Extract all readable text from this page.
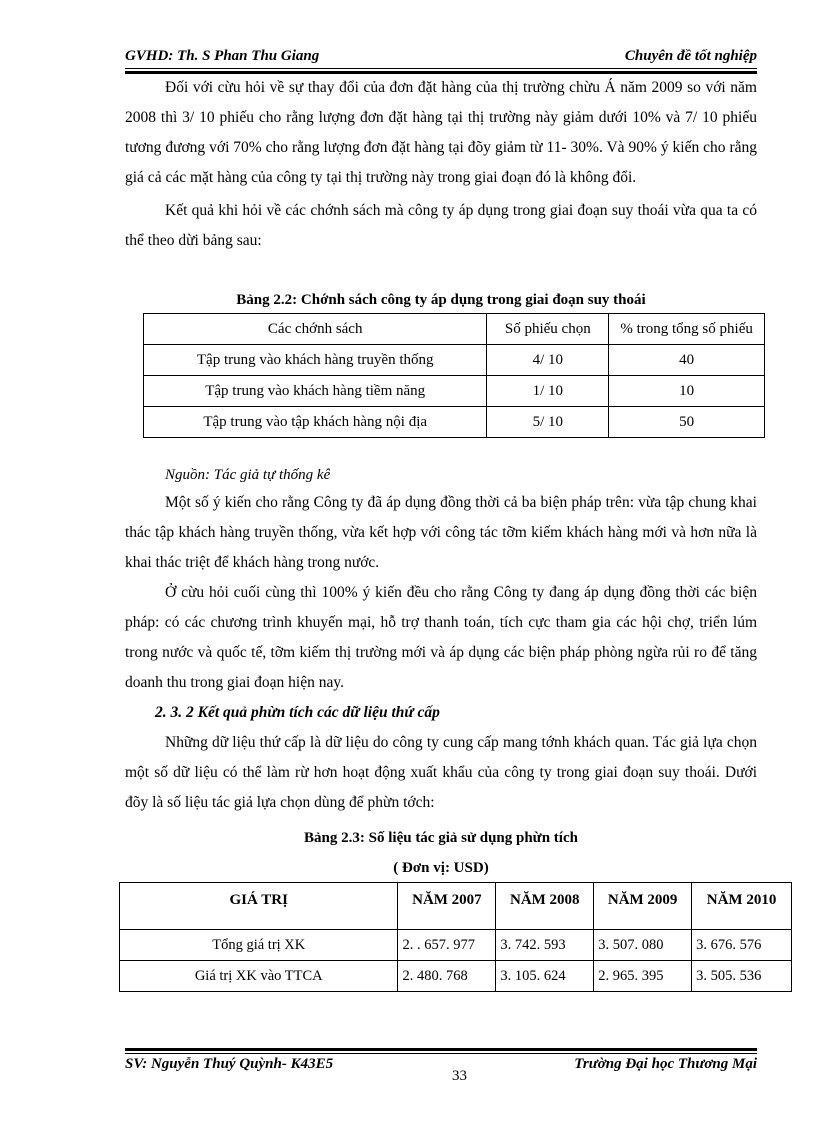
GVHD: Th. S Phan Thu Giang	Chuyên đề tốt nghiệp

Đối với cừu hỏi về sự thay đổi của đơn đặt hàng của thị trường chừu Á năm 2009 so với năm 2008 thì 3/ 10 phiếu cho rằng lượng đơn đặt hàng tại thị trường này giảm dưới 10% và 7/ 10 phiếu tương đương với 70% cho rằng lượng đơn đặt hàng tại đõy giảm từ 11- 30%. Và 90% ý kiến cho rằng giá cả các mặt hàng của công ty tại thị trường này trong giai đoạn đó là không đổi.

Kết quả khi hỏi về các chớnh sách mà công ty áp dụng trong giai đoạn suy thoái vừa qua ta có thể theo dừi bảng sau:

Bảng 2.2: Chớnh sách công ty áp dụng trong giai đoạn suy thoái
Các chớnh sách	Số phiếu chọn	% trong tổng số phiếu
Tập trung vào khách hàng truyền thống	4/ 10	40
Tập trung vào khách hàng tiềm năng	1/ 10	10
Tập trung vào tập khách hàng nội địa	5/ 10	50
Nguồn: Tác giả tự thống kê

Một số ý kiến cho rằng Công ty đã áp dụng đồng thời cả ba biện pháp trên: vừa tập chung khai thác tập khách hàng truyền thống, vừa kết hợp với công tác tỡm kiếm khách hàng mới và hơn nữa là khai thác triệt để khách hàng trong nước.

Ở cừu hỏi cuối cùng thì 100% ý kiến đều cho rằng Công ty đang áp dụng đồng thời các biện pháp: có các chương trình khuyến mại, hỗ trợ thanh toán, tích cực tham gia các hội chợ, triển lúm trong nước và quốc tế, tỡm kiếm thị trường mới và áp dụng các biện pháp phòng ngừa rủi ro để tăng doanh thu trong giai đoạn hiện nay.

2. 3. 2 Kết quả phừn tích các dữ liệu thứ cấp

Những dữ liệu thứ cấp là dữ liệu do công ty cung cấp mang tớnh khách quan. Tác giả lựa chọn một số dữ liệu có thể làm rừ hơn hoạt động xuất khẩu của công ty trong giai đoạn suy thoái. Dưới đõy là số liệu tác giả lựa chọn dùng để phừn tớch:

Bảng 2.3: Số liệu tác giả sử dụng phừn tích
( Đơn vị: USD)
GIÁ TRỊ	NĂM 2007	NĂM 2008	NĂM 2009	NĂM 2010
Tổng giá trị XK	2. . 657. 977	3. 742. 593	3. 507. 080	3. 676. 576
Giá trị XK vào TTCA	2. 480. 768	3. 105. 624	2. 965. 395	3. 505. 536
SV: Nguyễn Thuý Quỳnh- K43E5	Trường Đại học Thương Mại
33
